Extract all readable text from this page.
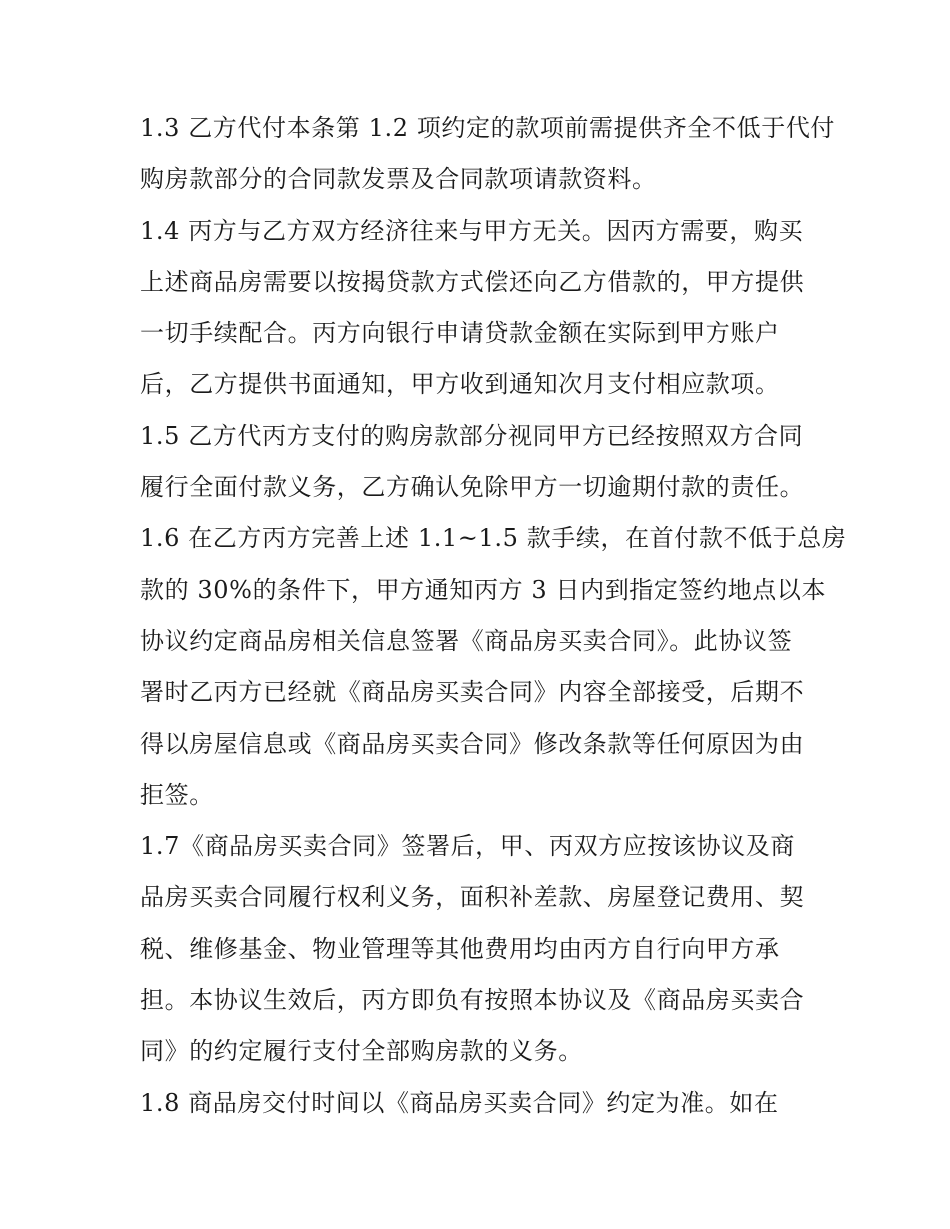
1.3 乙方代付本条第 1.2 项约定的款项前需提供齐全不低于代付
购房款部分的合同款发票及合同款项请款资料。
1.4 丙方与乙方双方经济往来与甲方无关。因丙方需要，购买
上述商品房需要以按揭贷款方式偿还向乙方借款的，甲方提供
一切手续配合。丙方向银行申请贷款金额在实际到甲方账户
后，乙方提供书面通知，甲方收到通知次月支付相应款项。
1.5 乙方代丙方支付的购房款部分视同甲方已经按照双方合同
履行全面付款义务，乙方确认免除甲方一切逾期付款的责任。
1.6 在乙方丙方完善上述 1.1~1.5 款手续，在首付款不低于总房
款的 30%的条件下，甲方通知丙方 3 日内到指定签约地点以本
协议约定商品房相关信息签署《商品房买卖合同》。此协议签
署时乙丙方已经就《商品房买卖合同》内容全部接受，后期不
得以房屋信息或《商品房买卖合同》修改条款等任何原因为由
拒签。
1.7《商品房买卖合同》签署后，甲、丙双方应按该协议及商
品房买卖合同履行权利义务，面积补差款、房屋登记费用、契
税、维修基金、物业管理等其他费用均由丙方自行向甲方承
担。本协议生效后，丙方即负有按照本协议及《商品房买卖合
同》的约定履行支付全部购房款的义务。
1.8 商品房交付时间以《商品房买卖合同》约定为准。如在
